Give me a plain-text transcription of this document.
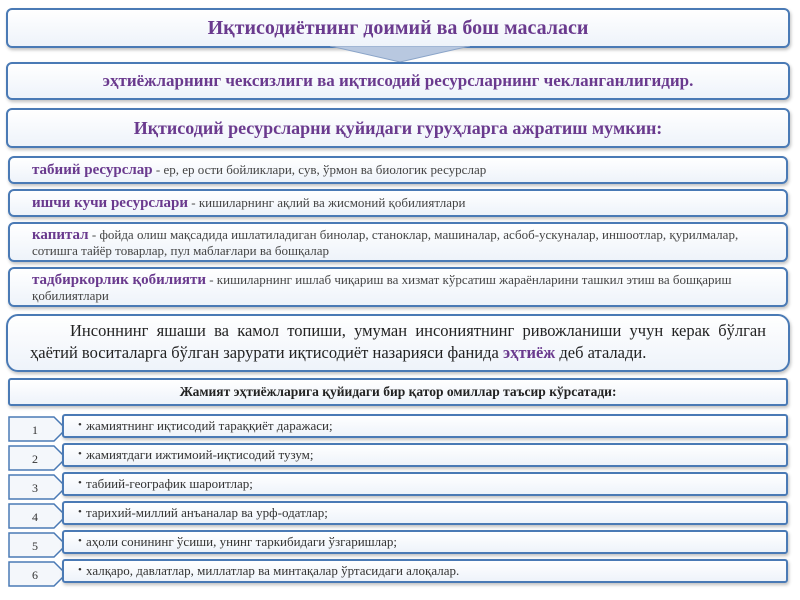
Иқтисодиётнинг доимий ва бош масаласи
эҳтиёжларнинг чексизлиги ва иқтисодий ресурсларнинг чекланганлигидир.
Иқтисодий ресурсларни қуйидаги гуруҳларга ажратиш мумкин:
табиий ресурслар - ер, ер ости бойликлари, сув, ўрмон ва биологик ресурслар
ишчи кучи ресурслари - кишиларнинг ақлий ва жисмоний қобилиятлари
капитал - фойда олиш мақсадида ишлатиладиган бинолар, станоклар, машиналар, асбоб-ускуналар, иншоотлар, қурилмалар, сотишга тайёр товарлар, пул маблағлари ва бошқалар
тадбиркорлик қобилияти - кишиларнинг ишлаб чиқариш ва хизмат кўрсатиш жараёнларини ташкил этиш ва бошқариш қобилиятлари
Инсоннинг яшаши ва камол топиши, умуман инсониятнинг ривожланиши учун керак бўлган ҳаётий воситаларга бўлган зарурати иқтисодиёт назарияси фанида эҳтиёж деб аталади.
Жамият эҳтиёжларига қуйидаги бир қатор омиллар таъсир кўрсатади:
1	• жамиятнинг иқтисодий тараққиёт даражаси;
2	• жамиятдаги ижтимоий-иқтисодий тузум;
3	• табиий-географик шароитлар;
4	• тарихий-миллий анъаналар ва урф-одатлар;
5	• аҳоли сонининг ўсиши, унинг таркибидаги ўзгаришлар;
6	• халқаро, давлатлар, миллатлар ва минтақалар ўртасидаги алоқалар.
